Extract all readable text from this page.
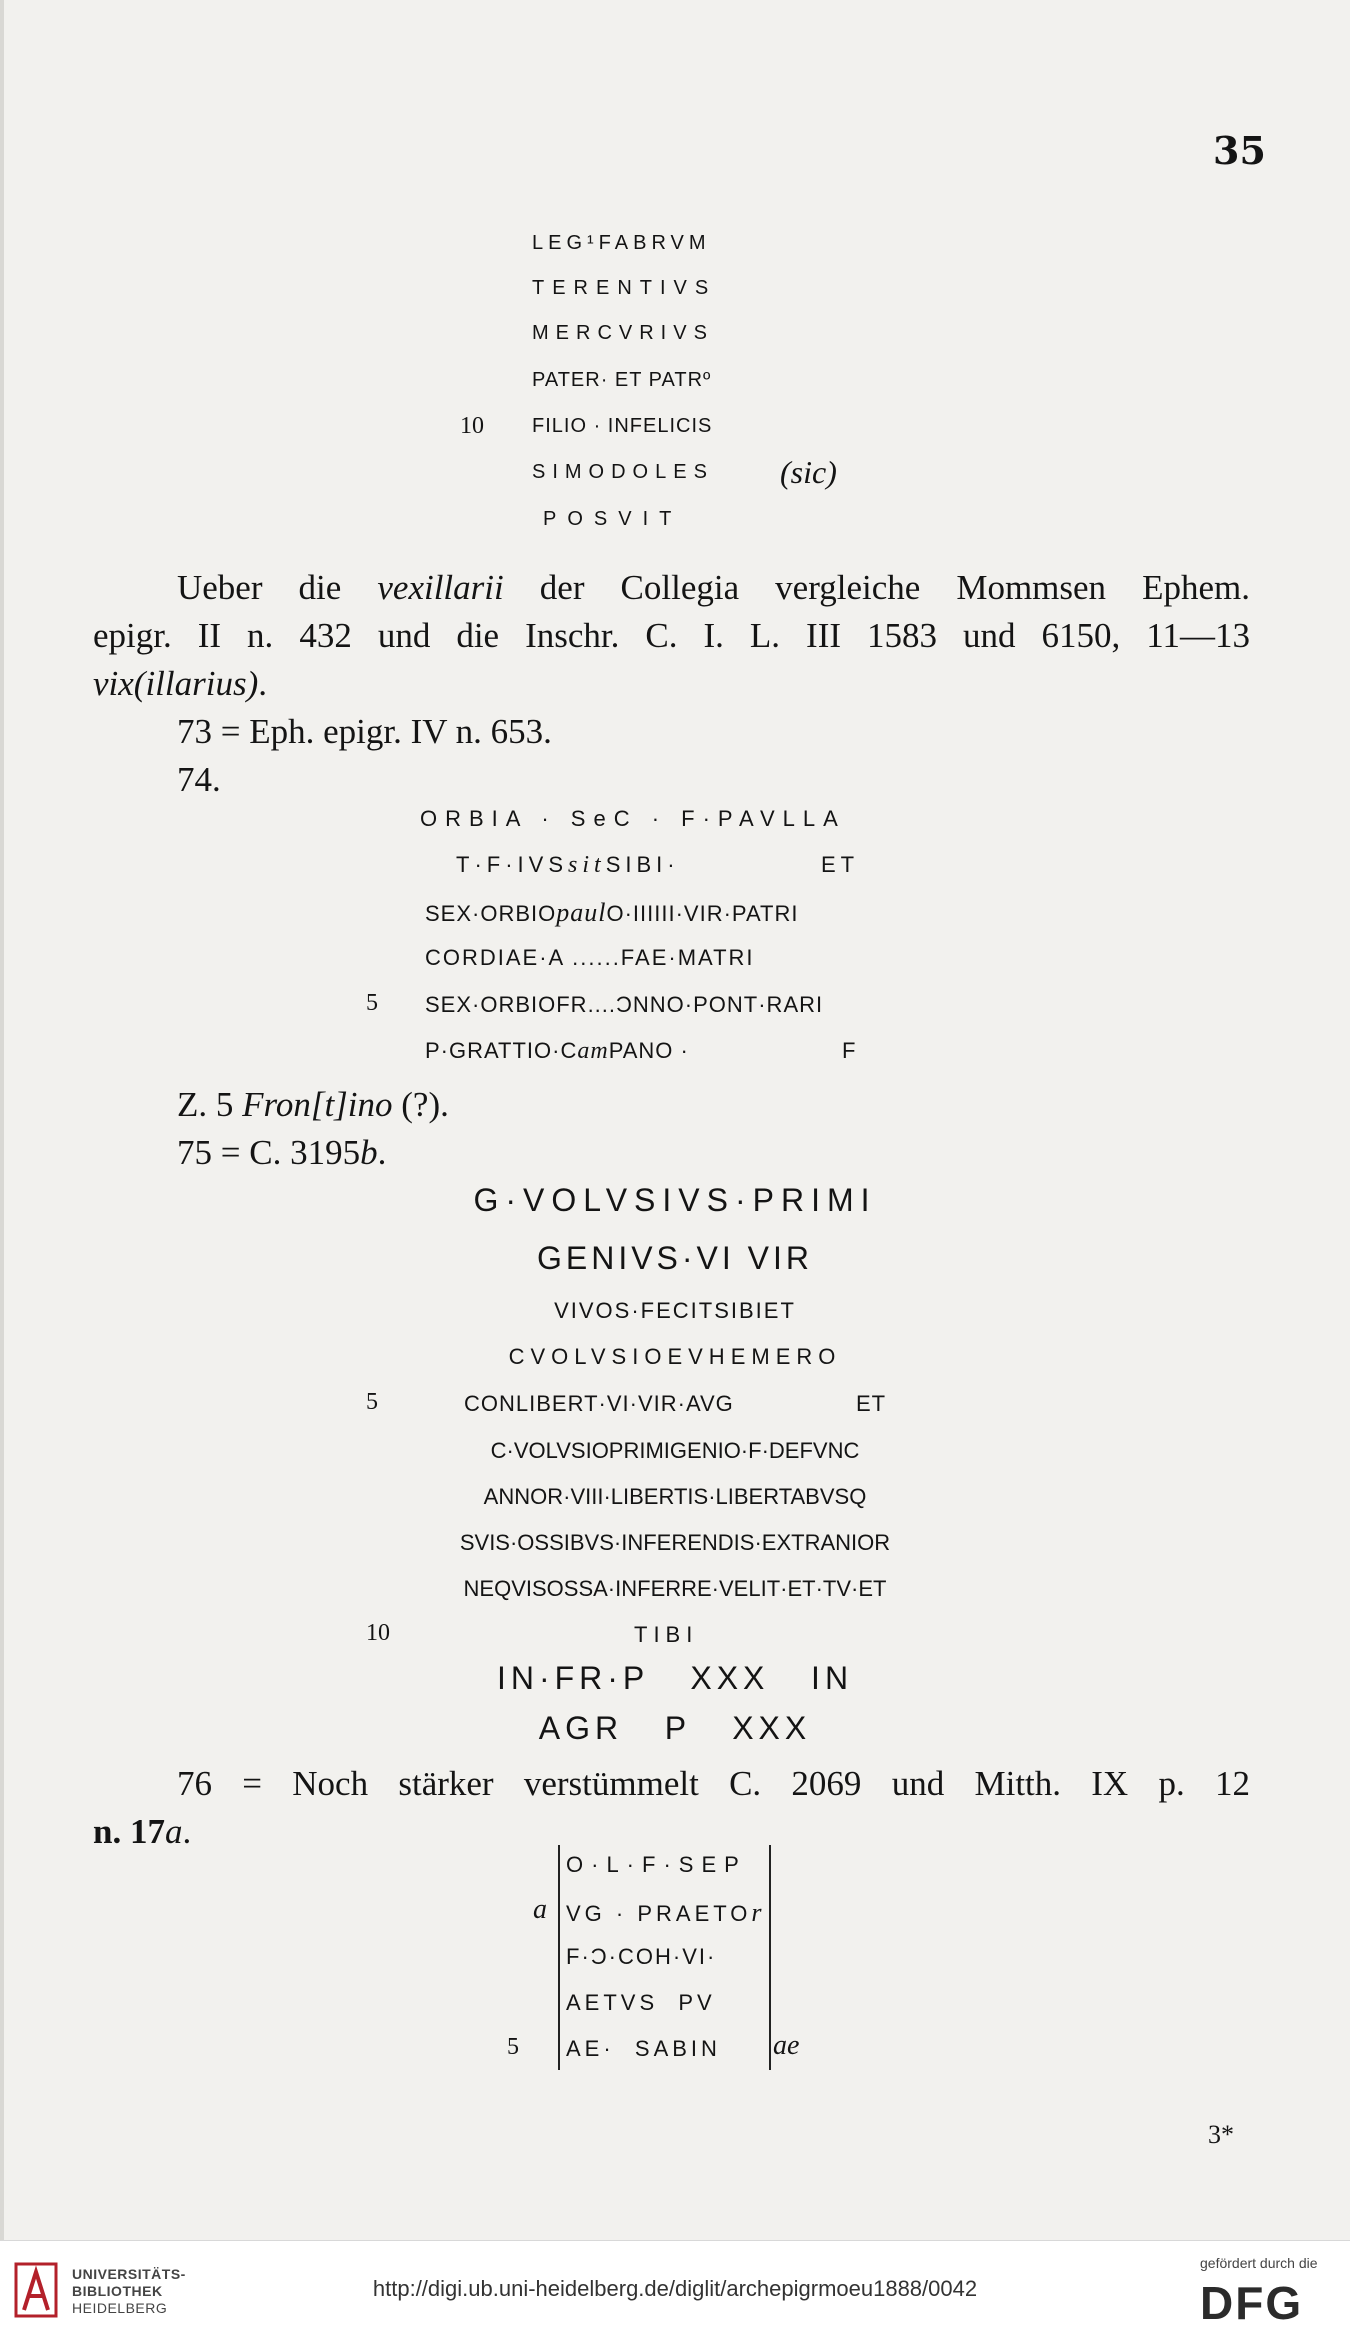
35
LEG¹FABRVM
TERENTIVS
MERCVRIVS
PATER· ET PATRº
10 FILIO · INFELICIS
SIMODOLES (sic)
POSVIT
Ueber die vexillarii der Collegia vergleiche Mommsen Ephem.
epigr. II n. 432 und die Inschr. C. I. L. III 1583 und 6150, 11—13
vix(illarius).
73 = Eph. epigr. IV n. 653.
74.
ORBIA · SeC · F·PAVLLA
T·F·IVSsitSIBI·	ET
SEX·ORBIOpaulO·IIIIII·VIR·PATRI
CORDIAE·A ......FAE·MATRI
5 SEX·ORBIOFR....ƆNNO·PONT·RARI
P·GRATTIO·CamPANO ·	F
Z. 5 Fron[t]ino (?).
75 = C. 3195b.
G·VOLVSIVS·PRIMI
GENIVS·VI VIR
VIVOS·FECITSIBIET
CVOLVSIOEVHEMERO
5	CONLIBERT·VI·VIR·AVG	ET
C·VOLVSIOPRIMIGENIO·F·DEFVNC
ANNOR·VIII·LIBERTIS·LIBERTABVSQ
SVIS·OSSIBVS·INFERENDIS·EXTRANIOR
NEQVISOSSA·INFERRE·VELIT·ET·TV·ET
10	TIBI
IN·FR·P   XXX   IN
AGR   P   XXX
76 = Noch stärker verstümmelt C. 2069 und Mitth. IX p. 12
n. 17a.
O·L·F·SEP
a VG · PRAETOr
F·Ɔ·COH·VI·
AETVS  PV
5 AE·  SABIN ae
3*
UNIVERSITÄTS-
BIBLIOTHEK
HEIDELBERG
http://digi.ub.uni-heidelberg.de/diglit/archepigrmoeu1888/0042
gefördert durch die
DFG
